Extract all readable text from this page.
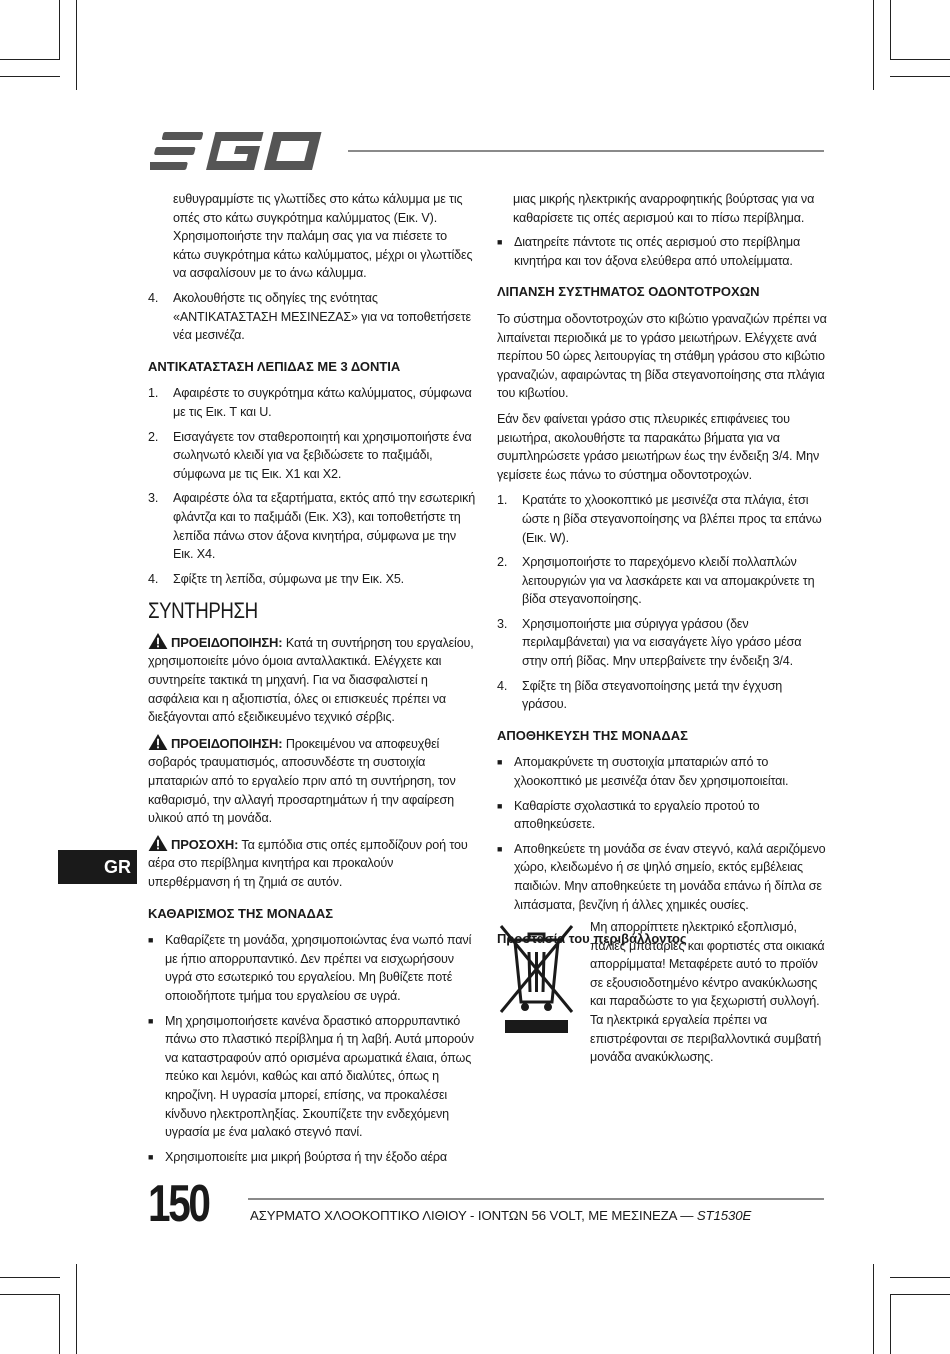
ευθυγραμμίστε τις γλωττίδες στο κάτω κάλυμμα με τις οπές στο κάτω συγκρότημα καλύμματος (Εικ. V). Χρησιμοποιήστε την παλάμη σας για να πιέσετε το κάτω συγκρότημα κάτω καλύμματος, μέχρι οι γλωττίδες να ασφαλίσουν με το άνω κάλυμμα.

4.	Ακολουθήστε τις οδηγίες της ενότητας «ΑΝΤΙΚΑΤΑΣΤΑΣΗ ΜΕΣΙΝΕΖΑΣ» για να τοποθετήσετε νέα μεσινέζα.
ΑΝΤΙΚΑΤΑΣΤΑΣΗ ΛΕΠΙΔΑΣ ΜΕ 3 ΔΟΝΤΙΑ
1.	Αφαιρέστε το συγκρότημα κάτω καλύμματος, σύμφωνα με τις Εικ. T και U.
2.	Εισαγάγετε τον σταθεροποιητή και χρησιμοποιήστε ένα σωληνωτό κλειδί για να ξεβιδώσετε το παξιμάδι, σύμφωνα με τις Εικ. X1 και X2.
3.	Αφαιρέστε όλα τα εξαρτήματα, εκτός από την εσωτερική φλάντζα και το παξιμάδι (Εικ. X3), και τοποθετήστε τη λεπίδα πάνω στον άξονα κινητήρα, σύμφωνα με την Εικ. X4.
4.	Σφίξτε τη λεπίδα, σύμφωνα με την Εικ. X5.
ΣΥΝΤΗΡΗΣΗ

ΠΡΟΕΙΔΟΠΟΙΗΣΗ: Κατά τη συντήρηση του εργαλείου, χρησιμοποιείτε μόνο όμοια ανταλλακτικά. Ελέγχετε και συντηρείτε τακτικά τη μηχανή. Για να διασφαλιστεί η ασφάλεια και η αξιοπιστία, όλες οι επισκευές πρέπει να διεξάγονται από εξειδικευμένο τεχνικό σέρβις.

ΠΡΟΕΙΔΟΠΟΙΗΣΗ: Προκειμένου να αποφευχθεί σοβαρός τραυματισμός, αποσυνδέστε τη συστοιχία μπαταριών από το εργαλείο πριν από τη συντήρηση, τον καθαρισμό, την αλλαγή προσαρτημάτων ή την αφαίρεση υλικού από τη μονάδα.

ΠΡΟΣΟΧΗ: Τα εμπόδια στις οπές εμποδίζουν ροή του αέρα στο περίβλημα κινητήρα και προκαλούν υπερθέρμανση ή τη ζημιά σε αυτόν.

ΚΑΘΑΡΙΣΜΟΣ ΤΗΣ ΜΟΝΑΔΑΣ
■ Καθαρίζετε τη μονάδα, χρησιμοποιώντας ένα νωπό πανί με ήπιο απορρυπαντικό. Δεν πρέπει να εισχωρήσουν υγρά στο εσωτερικό του εργαλείου. Μη βυθίζετε ποτέ οποιοδήποτε τμήμα του εργαλείου σε υγρά.
■ Μη χρησιμοποιήσετε κανένα δραστικό απορρυπαντικό πάνω στο πλαστικό περίβλημα ή τη λαβή. Αυτά μπορούν να καταστραφούν από ορισμένα αρωματικά έλαια, όπως πεύκο και λεμόνι, καθώς και από διαλύτες, όπως η κηροζίνη. Η υγρασία μπορεί, επίσης, να προκαλέσει κίνδυνο ηλεκτροπληξίας. Σκουπίζετε την ενδεχόμενη υγρασία με ένα μαλακό στεγνό πανί.
■ Χρησιμοποιείτε μια μικρή βούρτσα ή την έξοδο αέρα

μιας μικρής ηλεκτρικής αναρροφητικής βούρτσας για να καθαρίσετε τις οπές αερισμού και το πίσω περίβλημα.

■ Διατηρείτε πάντοτε τις οπές αερισμού στο περίβλημα κινητήρα και τον άξονα ελεύθερα από υπολείμματα.
ΛΙΠΑΝΣΗ ΣΥΣΤΗΜΑΤΟΣ ΟΔΟΝΤΟΤΡΟΧΩΝ

Το σύστημα οδοντοτροχών στο κιβώτιο γραναζιών πρέπει να λιπαίνεται περιοδικά με το γράσο μειωτήρων. Ελέγχετε ανά περίπου 50 ώρες λειτουργίας τη στάθμη γράσου στο κιβώτιο γραναζιών, αφαιρώντας τη βίδα στεγανοποίησης στα πλάγια του κιβωτίου.

Εάν δεν φαίνεται γράσο στις πλευρικές επιφάνειες του μειωτήρα, ακολουθήστε τα παρακάτω βήματα για να συμπληρώσετε γράσο μειωτήρων έως την ένδειξη 3/4. Μην γεμίσετε έως πάνω το σύστημα οδοντοτροχών.

1.	Κρατάτε το χλοοκοπτικό με μεσινέζα στα πλάγια, έτσι ώστε η βίδα στεγανοποίησης να βλέπει προς τα επάνω (Εικ. W).
2.	Χρησιμοποιήστε το παρεχόμενο κλειδί πολλαπλών λειτουργιών για να λασκάρετε και να απομακρύνετε τη βίδα στεγανοποίησης.
3.	Χρησιμοποιήστε μια σύριγγα γράσου (δεν περιλαμβάνεται) για να εισαγάγετε λίγο γράσο μέσα στην οπή βίδας. Μην υπερβαίνετε την ένδειξη 3/4.
4.	Σφίξτε τη βίδα στεγανοποίησης μετά την έγχυση γράσου.
ΑΠΟΘΗΚΕΥΣΗ ΤΗΣ ΜΟΝΑΔΑΣ
■ Απομακρύνετε τη συστοιχία μπαταριών από το χλοοκοπτικό με μεσινέζα όταν δεν χρησιμοποιείται.
■ Καθαρίστε σχολαστικά το εργαλείο προτού το αποθηκεύσετε.
■ Αποθηκεύετε τη μονάδα σε έναν στεγνό, καλά αεριζόμενο χώρο, κλειδωμένο ή σε ψηλό σημείο, εκτός εμβέλειας παιδιών. Μην αποθηκεύετε τη μονάδα επάνω ή δίπλα σε λιπάσματα, βενζίνη ή άλλες χημικές ουσίες.
Προστασία του περιβάλλοντος
Μη απορρίπτετε ηλεκτρικό εξοπλισμό, παλιές μπαταρίες και φορτιστές στα οικιακά απορρίμματα! Μεταφέρετε αυτό το προϊόν σε εξουσιοδοτημένο κέντρο ανακύκλωσης και παραδώστε το για ξεχωριστή συλλογή. Τα ηλεκτρικά εργαλεία πρέπει να επιστρέφονται σε περιβαλλοντικά συμβατή μονάδα ανακύκλωσης.
GR
150	ΑΣΥΡΜΑΤΟ ΧΛΟΟΚΟΠΤΙΚΟ ΛΙΘΙΟΥ - ΙΟΝΤΩΝ 56 VOLT, ΜΕ ΜΕΣΙΝΕΖΑ — ST1530E
